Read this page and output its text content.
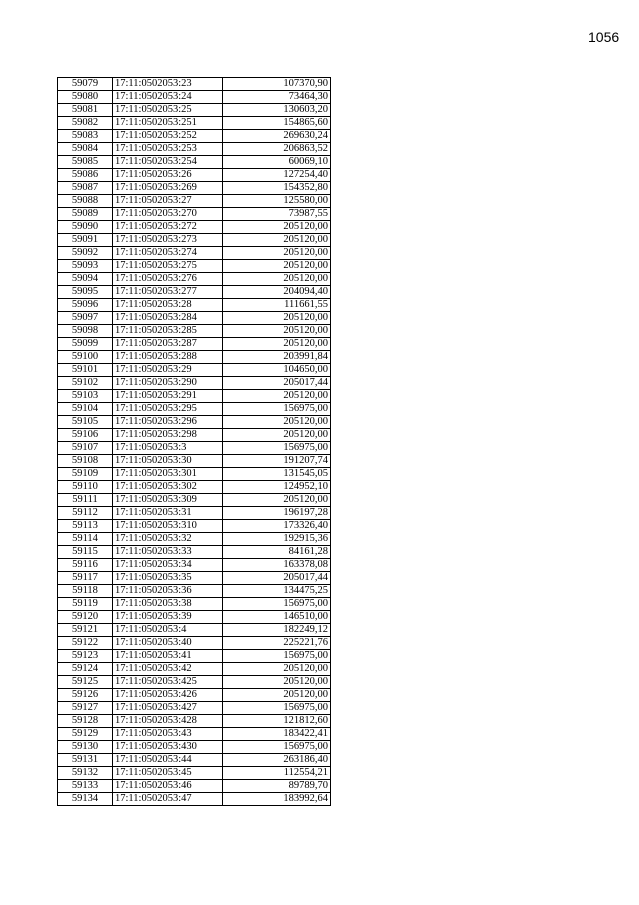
1056
59079	17:11:0502053:23	107370,90
59080	17:11:0502053:24	73464,30
59081	17:11:0502053:25	130603,20
59082	17:11:0502053:251	154865,60
59083	17:11:0502053:252	269630,24
59084	17:11:0502053:253	206863,52
59085	17:11:0502053:254	60069,10
59086	17:11:0502053:26	127254,40
59087	17:11:0502053:269	154352,80
59088	17:11:0502053:27	125580,00
59089	17:11:0502053:270	73987,55
59090	17:11:0502053:272	205120,00
59091	17:11:0502053:273	205120,00
59092	17:11:0502053:274	205120,00
59093	17:11:0502053:275	205120,00
59094	17:11:0502053:276	205120,00
59095	17:11:0502053:277	204094,40
59096	17:11:0502053:28	111661,55
59097	17:11:0502053:284	205120,00
59098	17:11:0502053:285	205120,00
59099	17:11:0502053:287	205120,00
59100	17:11:0502053:288	203991,84
59101	17:11:0502053:29	104650,00
59102	17:11:0502053:290	205017,44
59103	17:11:0502053:291	205120,00
59104	17:11:0502053:295	156975,00
59105	17:11:0502053:296	205120,00
59106	17:11:0502053:298	205120,00
59107	17:11:0502053:3	156975,00
59108	17:11:0502053:30	191207,74
59109	17:11:0502053:301	131545,05
59110	17:11:0502053:302	124952,10
59111	17:11:0502053:309	205120,00
59112	17:11:0502053:31	196197,28
59113	17:11:0502053:310	173326,40
59114	17:11:0502053:32	192915,36
59115	17:11:0502053:33	84161,28
59116	17:11:0502053:34	163378,08
59117	17:11:0502053:35	205017,44
59118	17:11:0502053:36	134475,25
59119	17:11:0502053:38	156975,00
59120	17:11:0502053:39	146510,00
59121	17:11:0502053:4	182249,12
59122	17:11:0502053:40	225221,76
59123	17:11:0502053:41	156975,00
59124	17:11:0502053:42	205120,00
59125	17:11:0502053:425	205120,00
59126	17:11:0502053:426	205120,00
59127	17:11:0502053:427	156975,00
59128	17:11:0502053:428	121812,60
59129	17:11:0502053:43	183422,41
59130	17:11:0502053:430	156975,00
59131	17:11:0502053:44	263186,40
59132	17:11:0502053:45	112554,21
59133	17:11:0502053:46	89789,70
59134	17:11:0502053:47	183992,64
